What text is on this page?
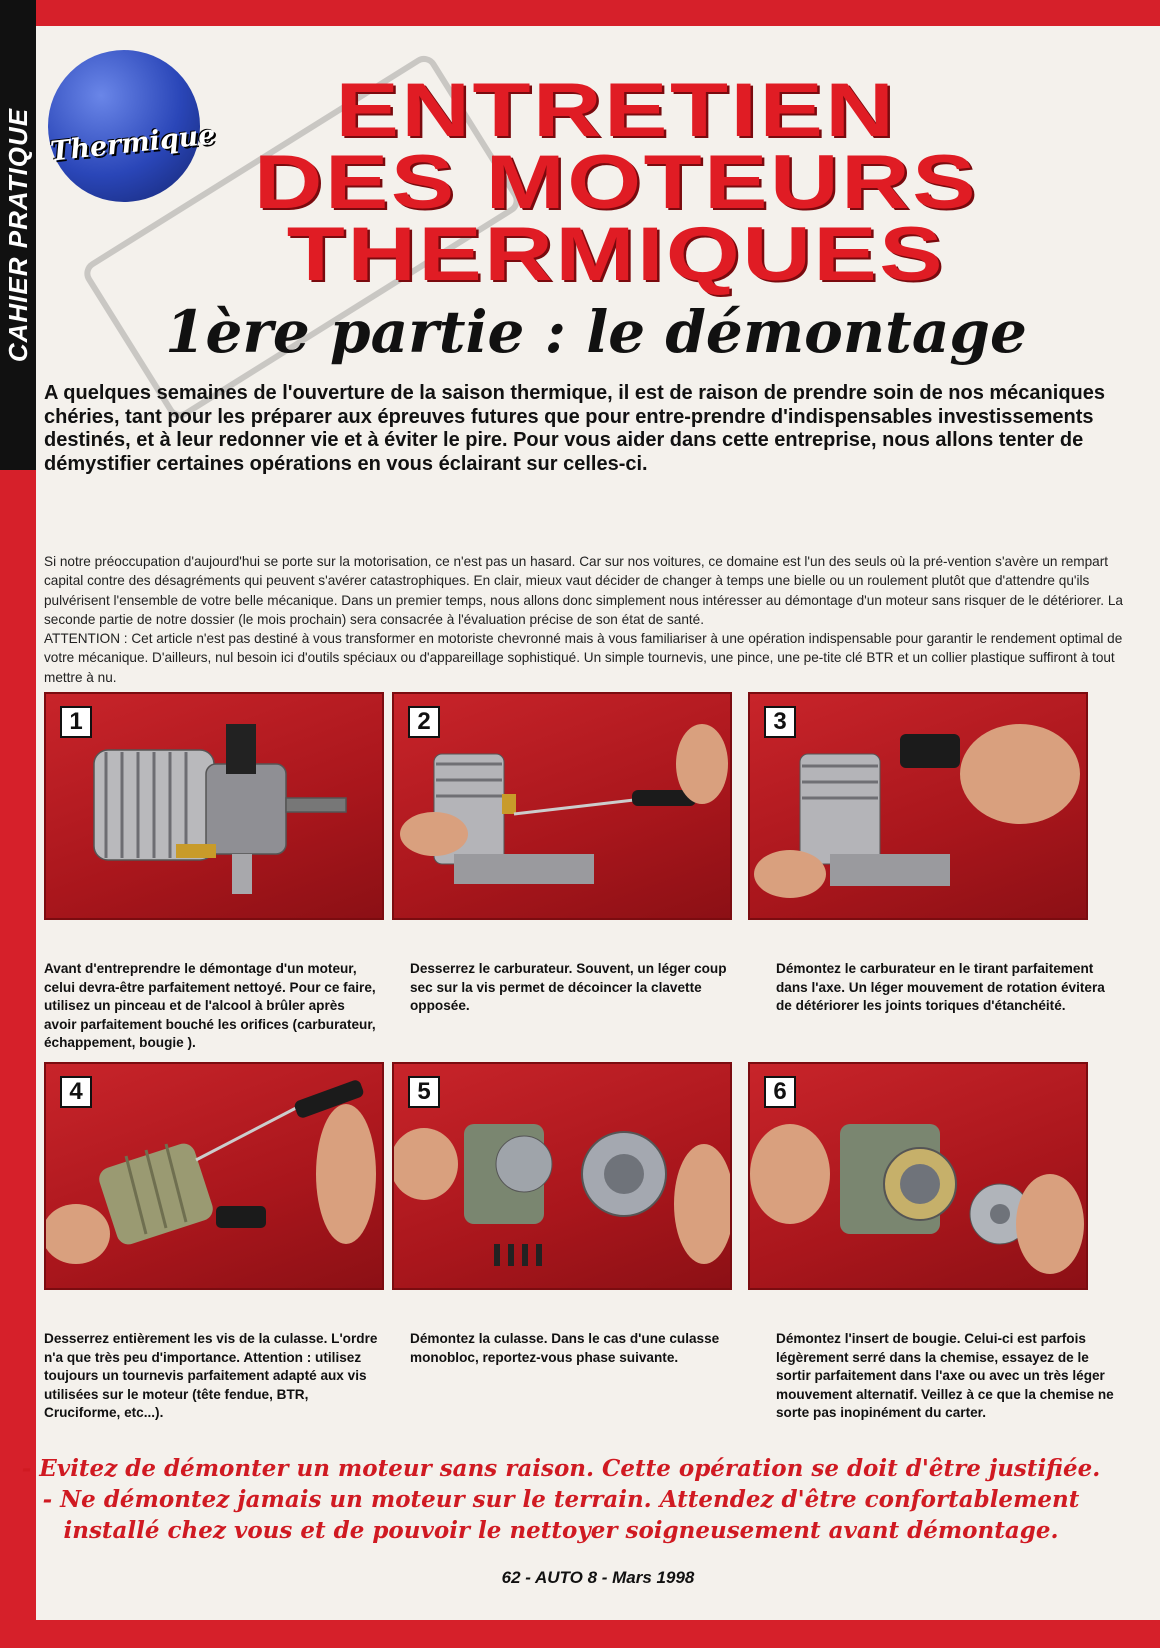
CAHIER PRATIQUE Thermique	ENTRETIEN
DES MOTEURS
THERMIQUES
1ère partie : le démontage
A quelques semaines de l'ouverture de la saison thermique, il est de raison de prendre soin de nos mécaniques chéries, tant pour les préparer aux épreuves futures que pour entre-prendre d'indispensables investissements destinés, et à leur redonner vie et à éviter le pire. Pour vous aider dans cette entreprise, nous allons tenter de démystifier certaines opérations en vous éclairant sur celles-ci.

Si notre préoccupation d'aujourd'hui se porte sur la motorisation, ce n'est pas un hasard. Car sur nos voitures, ce domaine est l'un des seuls où la pré-vention s'avère un rempart capital contre des désagréments qui peuvent s'avérer catastrophiques. En clair, mieux vaut décider de changer à temps une bielle ou un roulement plutôt que d'attendre qu'ils pulvérisent l'ensemble de votre belle mécanique. Dans un premier temps, nous allons donc simplement nous intéresser au démontage d'un moteur sans risquer de le détériorer. La seconde partie de notre dossier (le mois prochain) sera consacrée à l'évaluation précise de son état de santé.

ATTENTION : Cet article n'est pas destiné à vous transformer en motoriste chevronné mais à vous familiariser à une opération indispensable pour garantir le rendement optimal de votre mécanique. D'ailleurs, nul besoin ici d'outils spéciaux ou d'appareillage sophistiqué. Un simple tournevis, une pince, une pe-tite clé BTR et un collier plastique suffiront à tout mettre à nu.

1	2	3
Avant d'entreprendre le démontage d'un moteur, celui devra-être parfaitement nettoyé. Pour ce faire, utilisez un pinceau et de l'alcool à brûler après avoir parfaitement bouché les orifices (carburateur, échappement, bougie ).
Desserrez le carburateur. Souvent, un léger coup sec sur la vis permet de décoincer la clavette opposée.
Démontez le carburateur en le tirant parfaitement dans l'axe. Un léger mouvement de rotation évitera de détériorer les joints toriques d'étanchéité.
4	5	6
Desserrez entièrement les vis de la culasse. L'ordre n'a que très peu d'importance. Attention : utilisez toujours un tournevis parfaitement adapté aux vis utilisées sur le moteur (tête fendue, BTR, Cruciforme, etc...).
Démontez la culasse. Dans le cas d'une culasse monobloc, reportez-vous phase suivante.
Démontez l'insert de bougie. Celui-ci est parfois légèrement serré dans la chemise, essayez de le sortir parfaitement dans l'axe ou avec un très léger mouvement alternatif. Veillez à ce que la chemise ne sorte pas inopinément du carter.
- Evitez de démonter un moteur sans raison. Cette opération se doit d'être justifiée.
- Ne démontez jamais un moteur sur le terrain. Attendez d'être confortablement installé chez vous et de pouvoir le nettoyer soigneusement avant démontage.
62 - AUTO 8 - Mars 1998
